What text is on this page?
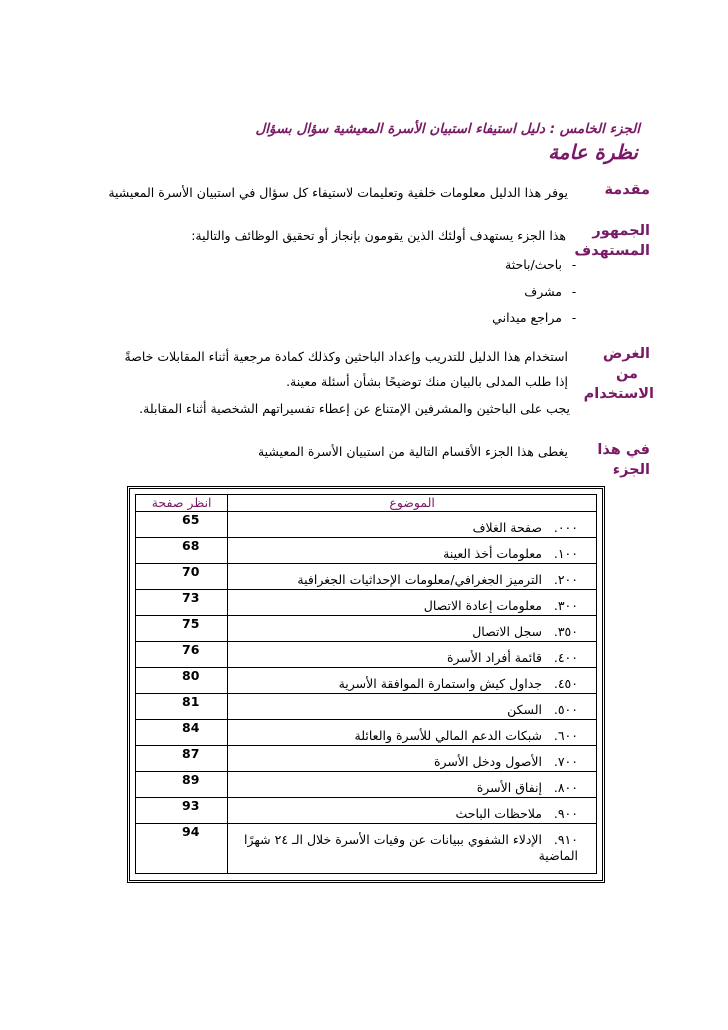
الجزء الخامس : دليل استيفاء استبيان الأسرة المعيشية سؤال بسؤال
نظرة عامة
مقدمة
يوفر هذا الدليل معلومات خلفية وتعليمات لاستيفاء كل سؤال في استبيان الأسرة المعيشية
الجمهور
المستهدف
هذا الجزء يستهدف أولئك الذين يقومون بإنجاز أو تحقيق الوظائف والتالية:
-باحث/باحثة
-مشرف
-مراجع ميداني
الغرض
من
الاستخدام
استخدام هذا الدليل للتدريب وإعداد الباحثين وكذلك كمادة مرجعية أثناء المقابلات خاصةً
إذا طلب المدلى بالبيان منك توضيحًا بشأن أسئلة معينة.
يجب على الباحثين والمشرفين الإمتناع عن إعطاء تفسيراتهم الشخصية أثناء المقابلة.
في هذا
الجزء
يغطى هذا الجزء الأقسام التالية من استبيان الأسرة المعيشية
الموضوع	انظر صفحة

٠٠٠.صفحة الغلاف	65

١٠٠.معلومات أخذ العينة	68

٢٠٠.الترميز الجغرافي/معلومات الإحداثيات الجغرافية	70

٣٠٠.معلومات إعادة الاتصال	73

٣٥٠.سجل الاتصال	75

٤٠٠.قائمة أفراد الأسرة	76

٤٥٠.جداول كيش واستمارة الموافقة الأسرية	80

٥٠٠.السكن	81

٦٠٠.شبكات الدعم المالي للأسرة والعائلة	84

٧٠٠.الأصول ودخل الأسرة	87

٨٠٠.إنفاق الأسرة	89

٩٠٠.ملاحظات الباحث	93

٩١٠.الإدلاء الشفوي ببيانات عن وفيات الأسرة خلال الـ ٢٤ شهرًا الماضية	94
